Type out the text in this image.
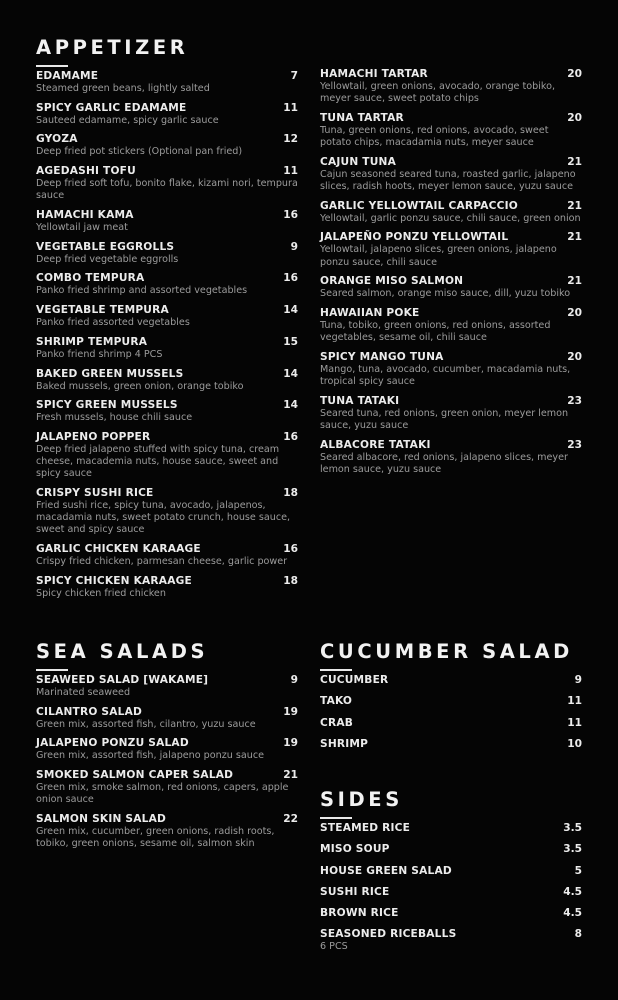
APPETIZER
EDAMAME	7
Steamed green beans, lightly salted
SPICY GARLIC EDAMAME	11
Sauteed edamame, spicy garlic sauce
GYOZA	12
Deep fried pot stickers (Optional pan fried)
AGEDASHI TOFU	11
Deep fried soft tofu, bonito flake, kizami nori, tempura sauce
HAMACHI KAMA	16
Yellowtail jaw meat
VEGETABLE EGGROLLS	9
Deep fried vegetable eggrolls
COMBO TEMPURA	16
Panko fried shrimp and assorted vegetables
VEGETABLE TEMPURA	14
Panko fried assorted vegetables
SHRIMP TEMPURA	15
Panko friend shrimp 4 PCS
BAKED GREEN MUSSELS	14
Baked mussels, green onion, orange tobiko
SPICY GREEN MUSSELS	14
Fresh mussels, house chili sauce
JALAPENO POPPER	16
Deep fried jalapeno stuffed with spicy tuna, cream cheese, macademia nuts, house sauce, sweet and spicy sauce
CRISPY SUSHI RICE	18
Fried sushi rice, spicy tuna, avocado, jalapenos, macadamia nuts, sweet potato crunch, house sauce, sweet and spicy sauce
GARLIC CHICKEN KARAAGE	16
Crispy fried chicken, parmesan cheese, garlic power
SPICY CHICKEN KARAAGE	18
Spicy chicken fried chicken
SEA SALADS
SEAWEED SALAD [WAKAME]	9
Marinated seaweed
CILANTRO SALAD	19
Green mix, assorted fish, cilantro, yuzu sauce
JALAPENO PONZU SALAD	19
Green mix, assorted fish, jalapeno ponzu sauce
SMOKED SALMON CAPER SALAD	21
Green mix, smoke salmon, red onions, capers, apple onion sauce
SALMON SKIN SALAD	22
Green mix, cucumber, green onions, radish roots, tobiko, green onions, sesame oil, salmon skin
HAMACHI TARTAR	20
Yellowtail, green onions, avocado, orange tobiko, meyer sauce, sweet potato chips
TUNA TARTAR	20
Tuna, green onions, red onions, avocado, sweet potato chips, macadamia nuts, meyer sauce
CAJUN TUNA	21
Cajun seasoned seared tuna, roasted garlic, jalapeno slices, radish hoots, meyer lemon sauce, yuzu sauce
GARLIC YELLOWTAIL CARPACCIO	21
Yellowtail, garlic ponzu sauce, chili sauce, green onion
JALAPEÑO PONZU YELLOWTAIL	21
Yellowtail, jalapeno slices, green onions, jalapeno ponzu sauce, chili sauce
ORANGE MISO SALMON	21
Seared salmon, orange miso sauce, dill, yuzu tobiko
HAWAIIAN POKE	20
Tuna, tobiko, green onions, red onions, assorted vegetables, sesame oil, chili sauce
SPICY MANGO TUNA	20
Mango, tuna, avocado, cucumber, macadamia nuts, tropical spicy sauce
TUNA TATAKI	23
Seared tuna, red onions, green onion, meyer lemon sauce, yuzu sauce
ALBACORE TATAKI	23
Seared albacore, red onions, jalapeno slices, meyer lemon sauce, yuzu sauce
CUCUMBER SALAD
CUCUMBER	9
TAKO	11
CRAB	11
SHRIMP	10
SIDES
STEAMED RICE	3.5
MISO SOUP	3.5
HOUSE GREEN SALAD	5
SUSHI RICE	4.5
BROWN RICE	4.5
SEASONED RICEBALLS	8
6 PCS
